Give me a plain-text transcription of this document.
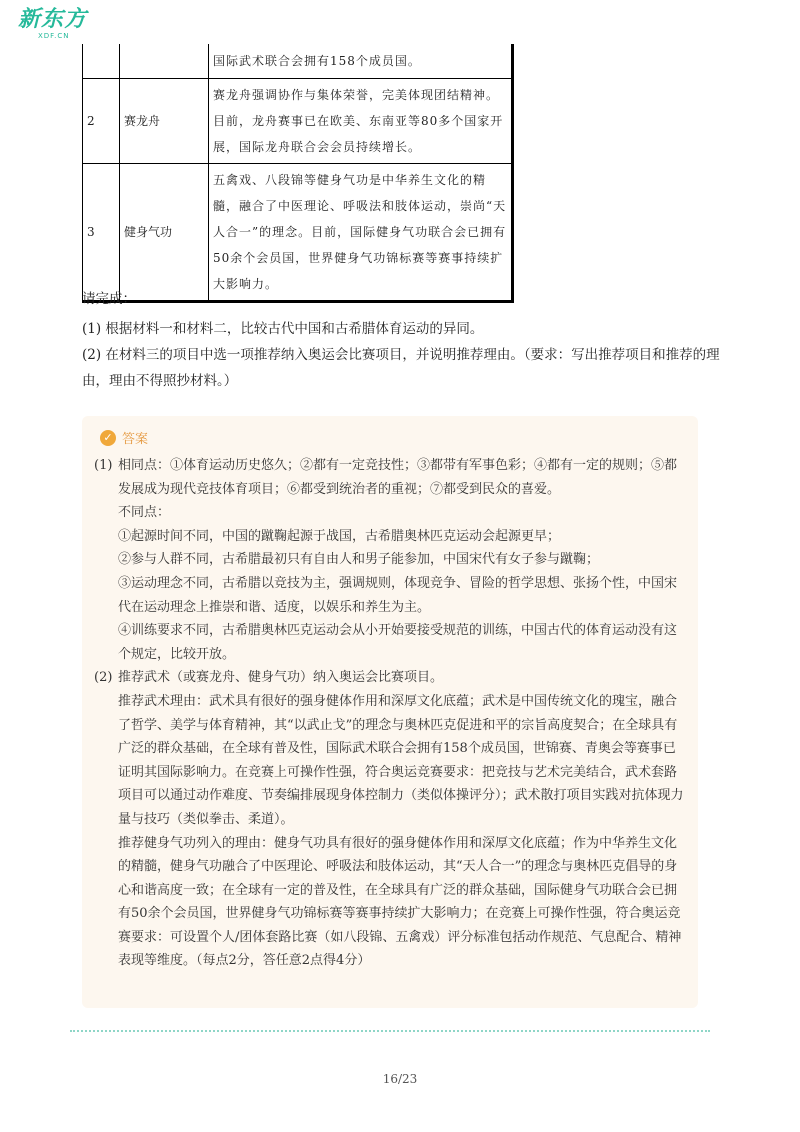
新东方
XDF.CN
		国际武术联合会拥有158个成员国。
2	赛龙舟	赛龙舟强调协作与集体荣誉，完美体现团结精神。目前，龙舟赛事已在欧美、东南亚等80多个国家开展，国际龙舟联合会会员持续增长。
3	健身气功	五禽戏、八段锦等健身气功是中华养生文化的精髓，融合了中医理论、呼吸法和肢体运动，崇尚“天人合一”的理念。目前，国际健身气功联合会已拥有50余个会员国，世界健身气功锦标赛等赛事持续扩大影响力。
请完成：
(1) 根据材料一和材料二，比较古代中国和古希腊体育运动的异同。
(2) 在材料三的项目中选一项推荐纳入奥运会比赛项目，并说明推荐理由。（要求：写出推荐项目和推荐的理由，理由不得照抄材料。）
✓ 答案
(1) 相同点：①体育运动历史悠久；②都有一定竞技性；③都带有军事色彩；④都有一定的规则；⑤都发展成为现代竞技体育项目；⑥都受到统治者的重视；⑦都受到民众的喜爱。
不同点：
①起源时间不同，中国的蹴鞠起源于战国，古希腊奥林匹克运动会起源更早；
②参与人群不同，古希腊最初只有自由人和男子能参加，中国宋代有女子参与蹴鞠；
③运动理念不同，古希腊以竞技为主，强调规则，体现竞争、冒险的哲学思想、张扬个性，中国宋代在运动理念上推崇和谐、适度，以娱乐和养生为主。
④训练要求不同，古希腊奥林匹克运动会从小开始要接受规范的训练，中国古代的体育运动没有这个规定，比较开放。
(2) 推荐武术（或赛龙舟、健身气功）纳入奥运会比赛项目。
推荐武术理由：武术具有很好的强身健体作用和深厚文化底蕴；武术是中国传统文化的瑰宝，融合了哲学、美学与体育精神，其“以武止戈”的理念与奥林匹克促进和平的宗旨高度契合；在全球具有广泛的群众基础，在全球有普及性，国际武术联合会拥有158个成员国，世锦赛、青奥会等赛事已证明其国际影响力。在竞赛上可操作性强，符合奥运竞赛要求：把竞技与艺术完美结合，武术套路项目可以通过动作难度、节奏编排展现身体控制力（类似体操评分）；武术散打项目实践对抗体现力量与技巧（类似拳击、柔道）。
推荐健身气功列入的理由：健身气功具有很好的强身健体作用和深厚文化底蕴；作为中华养生文化的精髓，健身气功融合了中医理论、呼吸法和肢体运动，其“天人合一”的理念与奥林匹克倡导的身心和谐高度一致；在全球有一定的普及性，在全球具有广泛的群众基础，国际健身气功联合会已拥有50余个会员国，世界健身气功锦标赛等赛事持续扩大影响力；在竞赛上可操作性强，符合奥运竞赛要求：可设置个人/团体套路比赛（如八段锦、五禽戏）评分标准包括动作规范、气息配合、精神表现等维度。（每点2分，答任意2点得4分）
16/23
